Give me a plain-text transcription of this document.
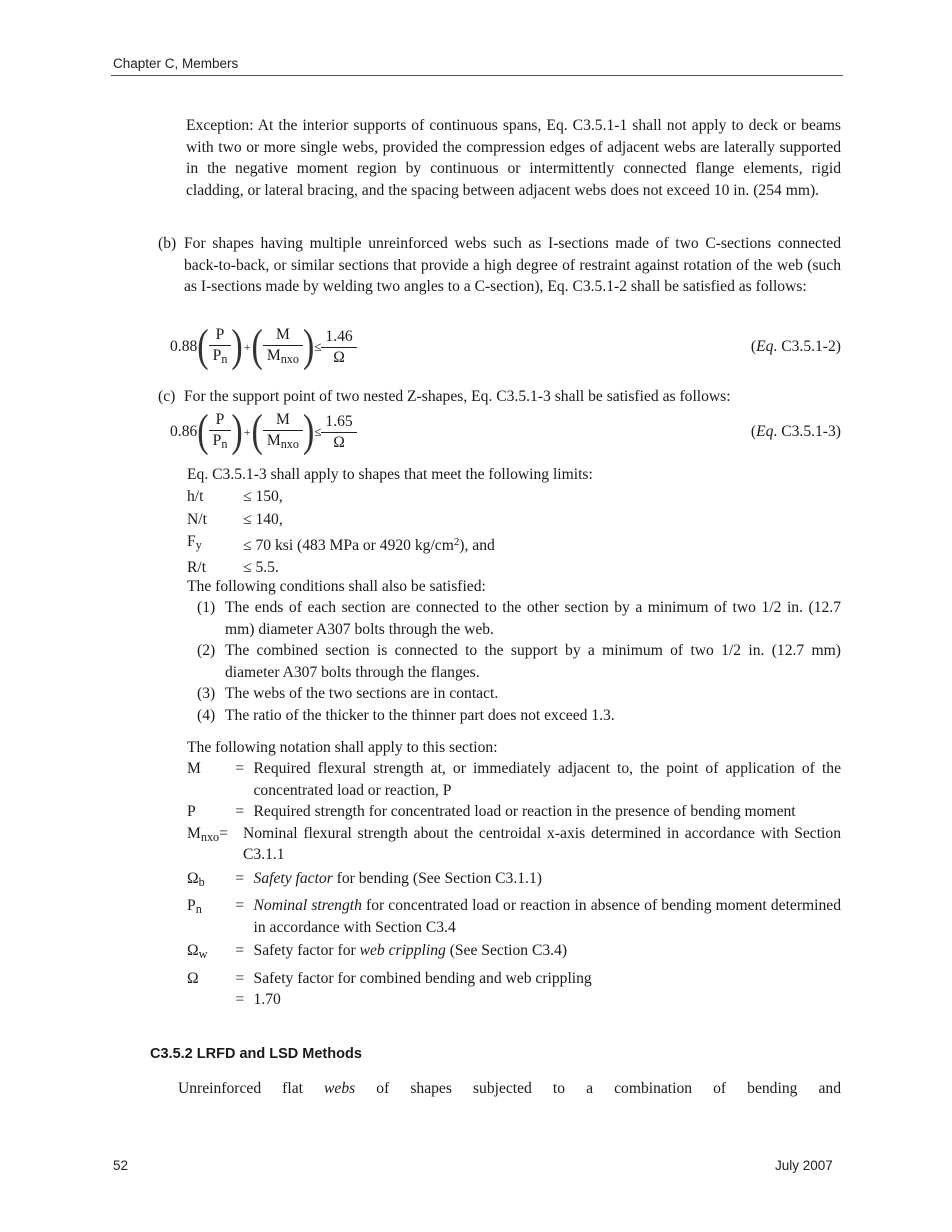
Chapter C, Members

Exception: At the interior supports of continuous spans, Eq. C3.5.1-1 shall not apply to deck or beams with two or more single webs, provided the compression edges of adjacent webs are laterally supported in the negative moment region by continuous or intermittently connected flange elements, rigid cladding, or lateral bracing, and the spacing between adjacent webs does not exceed 10 in. (254 mm).

(b) For shapes having multiple unreinforced webs such as I-sections made of two C-sections connected back-to-back, or similar sections that provide a high degree of restraint against rotation of the web (such as I-sections made by welding two angles to a C-section), Eq. C3.5.1-2 shall be satisfied as follows:

0.88 ( $\frac{P}{P_n}$ ) + ( $\frac{M}{M_{nxo}}$ ) ≤ $\frac{1.46}{\Omega}$	(Eq. C3.5.1-2)
(c) For the support point of two nested Z-shapes, Eq. C3.5.1-3 shall be satisfied as follows:

0.86 ( $\frac{P}{P_n}$ ) + ( $\frac{M}{M_{nxo}}$ ) ≤ $\frac{1.65}{\Omega}$	(Eq. C3.5.1-3)

Eq. C3.5.1-3 shall apply to shapes that meet the following limits:

h/t	≤ 150,
N/t	≤ 140,
$F_y$	≤ 70 ksi (483 MPa or 4920 $kg/cm^2$), and
R/t	≤ 5.5.

The following conditions shall also be satisfied:

(1) The ends of each section are connected to the other section by a minimum of two 1/2 in. (12.7 mm) diameter A307 bolts through the web.

(2) The combined section is connected to the support by a minimum of two 1/2 in. (12.7 mm) diameter A307 bolts through the flanges.

(3) The webs of the two sections are in contact.

(4) The ratio of the thicker to the thinner part does not exceed 1.3.

The following notation shall apply to this section:

M	= Required flexural strength at, or immediately adjacent to, the point of application of the concentrated load or reaction, P

P	= Required strength for concentrated load or reaction in the presence of bending moment

$M_{nxo}=$ Nominal flexural strength about the centroidal x-axis determined in accordance with Section C3.1.1

$\Omega_b$	= Safety factor for bending (See Section C3.1.1)

$P_n$	= Nominal strength for concentrated load or reaction in absence of bending moment determined in accordance with Section C3.4

$\Omega_w$	= Safety factor for web crippling (See Section C3.4)

Ω	= Safety factor for combined bending and web crippling

= 1.70

C3.5.2 LRFD and LSD Methods

Unreinforced flat webs of shapes subjected to a combination of bending and

52	July 2007
